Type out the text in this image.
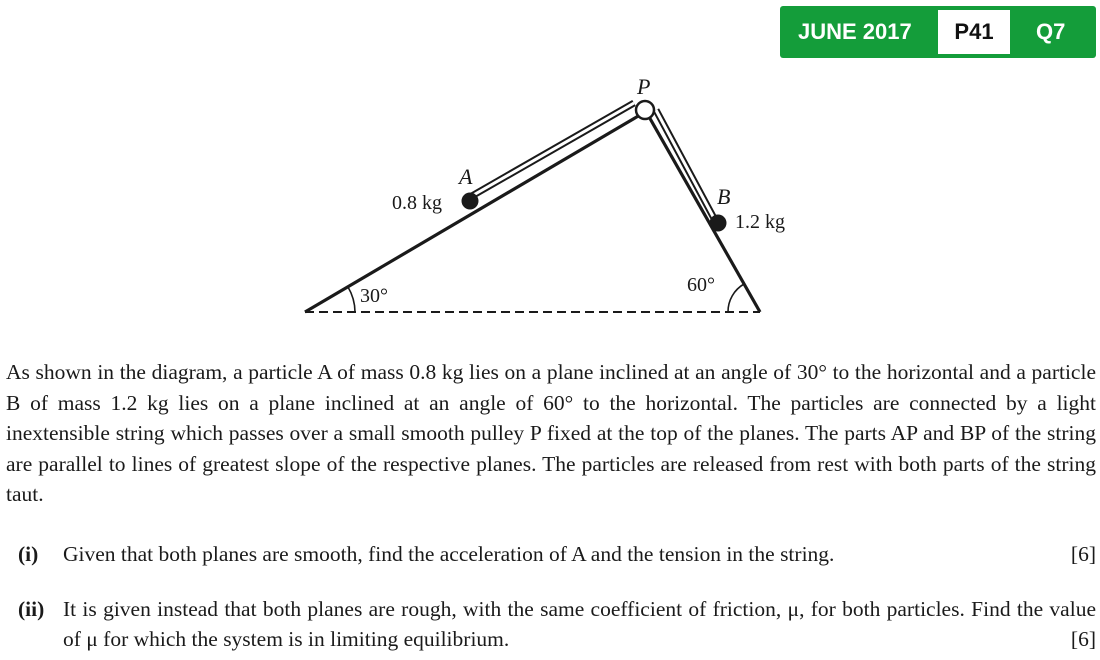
JUNE 2017	P41	Q7
P
A
0.8 kg	B
1.2 kg
30°	60°
As shown in the diagram, a particle A of mass 0.8 kg lies on a plane inclined at an angle of 30° to the horizontal and a particle B of mass 1.2 kg lies on a plane inclined at an angle of 60° to the horizontal. The particles are connected by a light inextensible string which passes over a small smooth pulley P fixed at the top of the planes. The parts AP and BP of the string are parallel to lines of greatest slope of the respective planes. The particles are released from rest with both parts of the string taut.
(i)	[6]
Given that both planes are smooth, find the acceleration of A and the tension in the string.
(ii) It is given instead that both planes are rough, with the same coefficient of friction, μ, for both particles. Find the value of μ for which the system is in limiting equilibrium.	[6]
